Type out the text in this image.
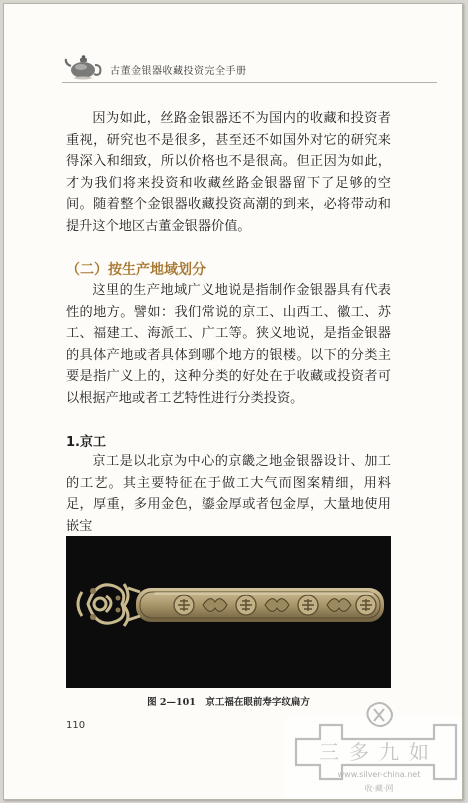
古董金银器收藏投资完全手册

因为如此，丝路金银器还不为国内的收藏和投资者重视，研究也不是很多，甚至还不如国外对它的研究来得深入和细致，所以价格也不是很高。但正因为如此，才为我们将来投资和收藏丝路金银器留下了足够的空间。随着整个金银器收藏投资高潮的到来，必将带动和提升这个地区古董金银器价值。

（二）按生产地域划分

这里的生产地域广义地说是指制作金银器具有代表性的地方。譬如：我们常说的京工、山西工、徽工、苏工、福建工、海派工、广工等。狭义地说，是指金银器的具体产地或者具体到哪个地方的银楼。以下的分类主要是指广义上的，这种分类的好处在于收藏或投资者可以根据产地或者工艺特性进行分类投资。

1.京工

京工是以北京为中心的京畿之地金银器设计、加工的工艺。其主要特征在于做工大气而图案精细，用料足，厚重，多用金色，鎏金厚或者包金厚，大量地使用嵌宝

图 2—101　京工福在眼前寿字纹扁方

110
三多九如
www.silver-china.net
收·藏·网
